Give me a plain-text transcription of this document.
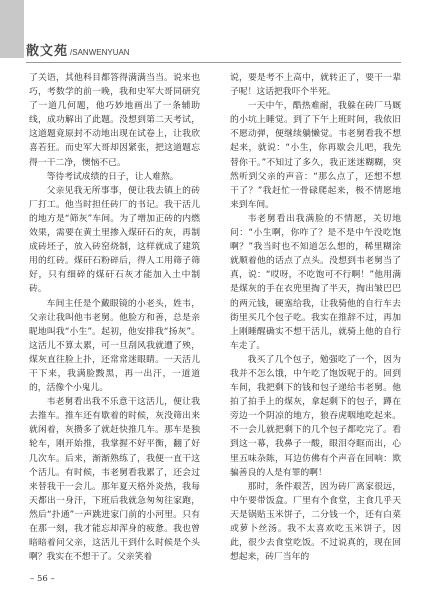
散文苑 /SANWENYUAN

了关语，其他科目都答得满满当当。说来也巧，考数学的前一晚，我和史军大哥同研究了一道几何题，他巧妙地画出了一条辅助线，成功解出了此题。没想到第二天考试，这道题竟原封不动地出现在试卷上，让我欣喜若狂。而史军大哥却因紧张，把这道题忘得一干二净，懊恼不已。

等待考试成绩的日子，让人难熬。

父亲见我无所事事，便让我去镇上的砖厂打工。他当时担任砖厂的书记。我干活儿的地方是“筛灰”车间。为了增加正砖的内燃效果，需要在黄土里掺入煤矸石的灰，再制成砖坯子，放入砖窑烧制，这样就成了建筑用的红砖。煤矸石粉碎后，得人工用筛子筛好，只有细碎的煤矸石灰才能加入土中制砖。

车间主任是个戴眼镜的小老头，姓韦，父亲让我叫他韦老舅。他脸方和善，总是亲昵地叫我“小生”。起初，他安排我“扬灰”。这活儿不算太累，可一旦刮风我就遭了殃，煤灰直往脸上扑，还常常迷眼睛。一天活儿干下来，我满脸黢黑，再一出汗，一道道的，活像个小鬼儿。

韦老舅看出我不乐意干这活儿，便让我去推车。推车还有歇着的时候，灰没筛出来就闲着，灰攒多了就赶快推几车。那车是独轮车，刚开始推，我掌握不好平衡，翻了好几次车。后来，渐渐熟练了，我便一直干这个活儿。有时候，韦老舅看我累了，还会过来替我干一会儿。那年夏天格外炎热，我每天都出一身汗，下班后我就急匆匆往家跑，然后“扑通”一声跳进家门前的小河里。只有在那一刻，我才能忘却浑身的疲惫。我也曾暗暗着问父亲，这活儿干到什么时候是个头啊？我实在不想干了。父亲笑着

说，要是考不上高中，就转正了，要干一辈子呢！这话把我吓个半死。

一天中午，酷热难耐，我躲在砖厂马厩的小坑上睡觉。到了下午上班时间，我依旧不愿动弹，便继续躺懒觉。韦老舅看我不想起来，就说：“小生，你再歇会儿吧，我先替你干。”不知过了多久，我正迷迷糊糊，突然听到父亲的声音：“那么点了，还想不想干了？”我赶忙一骨碌爬起来，极不情愿地来到车间。

韦老舅看出我满脸的不情愿，关切地问：“小生啊，你咋了？是不是中午没吃饱啊？”我当时也不知道怎么想的，稀里糊涂就顺着他的话点了点头。没想到韦老舅当了真，说：“哎呀，不吃饱可不行啊！”他用满是煤灰的手在衣兜里掏了半天，掏出皱巴巴的两元钱，硬塞给我，让我骑他的自行车去街里买几个包子吃。我实在推辞不过，再加上刚睡醒确实不想干活儿，就骑上他的自行车走了。

我买了几个包子，勉强吃了一个，因为我并不怎么饿，中午吃了饱饭呢于的。回到车间，我把剩下的钱和包子递给韦老舅。他拍了拍手上的煤灰，拿起剩下的包子，蹲在旁边一个阴凉的地方，狼吞虎咽地吃起来。不一会儿就把剩下的几个包子都吃完了。看到这一幕，我鼻子一酸，眼泪夺眶而出，心里五味杂陈，耳边仿佛有个声音在回响：欺骗善良的人是有罪的啊！

那时，条件艰苦，因为砖厂离家很远，中午要带饭盒。厂里有个食堂，主食几乎天天是锅贴玉米饼子，二分钱一个，还有白菜或萝卜丝汤。我不太喜欢吃玉米饼子，因此，很少去食堂吃饭。不过说真的，现在回想起来，砖厂当年的

– 56 –
